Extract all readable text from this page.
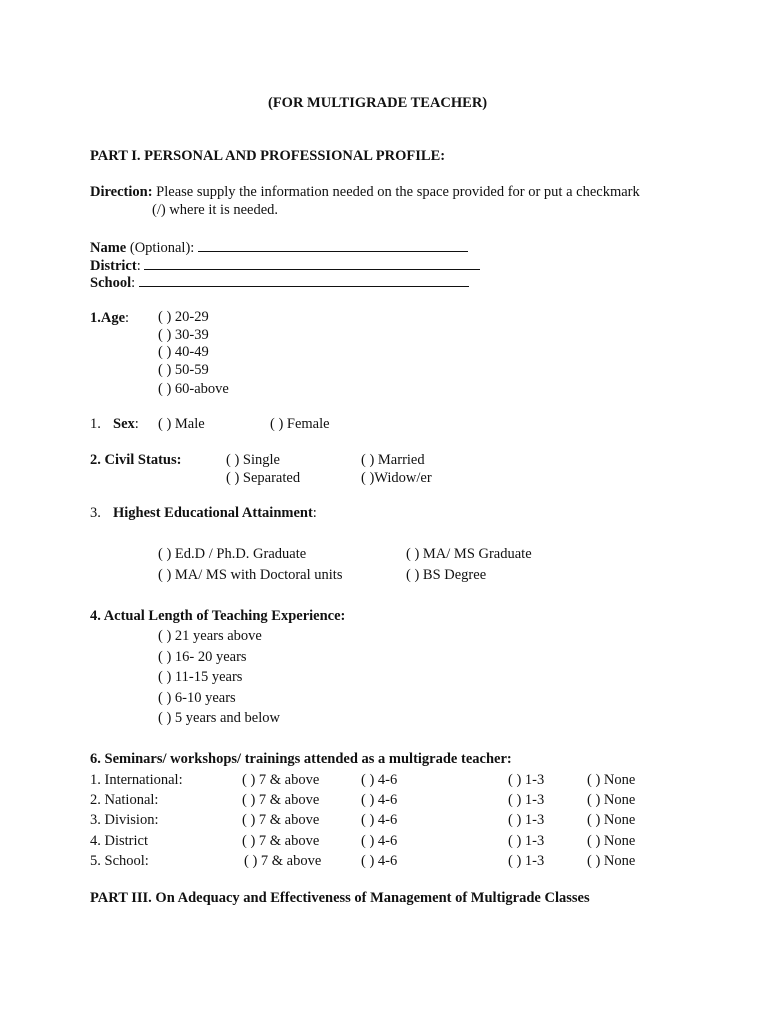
(FOR MULTIGRADE TEACHER)
PART I. PERSONAL AND PROFESSIONAL PROFILE:
Direction: Please supply the information needed on the space provided for or put a checkmark
(/) where it is needed.
Name (Optional):
District:
School:
1.Age: ( ) 20-29
( ) 30-39
( ) 40-49
( ) 50-59
( ) 60-above
1. Sex: ( ) Male	( ) Female
2. Civil Status:	( ) Single	( ) Married
( ) Separated	( )Widow/er
3. Highest Educational Attainment:
( ) Ed.D / Ph.D. Graduate	( ) MA/ MS Graduate
( ) MA/ MS with Doctoral units	( ) BS Degree
4. Actual Length of Teaching Experience:
( ) 21 years above
( ) 16- 20 years
( ) 11-15 years
( ) 6-10 years
( ) 5 years and below
6. Seminars/ workshops/ trainings attended as a multigrade teacher:
1. International:	( ) 7 & above	( ) 4-6	( ) 1-3	( ) None
2. National:	( ) 7 & above	( ) 4-6	( ) 1-3	( ) None
3. Division:	( ) 7 & above	( ) 4-6	( ) 1-3	( ) None
4. District	( ) 7 & above	( ) 4-6	( ) 1-3	( ) None
5. School:	( ) 7 & above	( ) 4-6	( ) 1-3	( ) None
PART III. On Adequacy and Effectiveness of Management of Multigrade Classes
